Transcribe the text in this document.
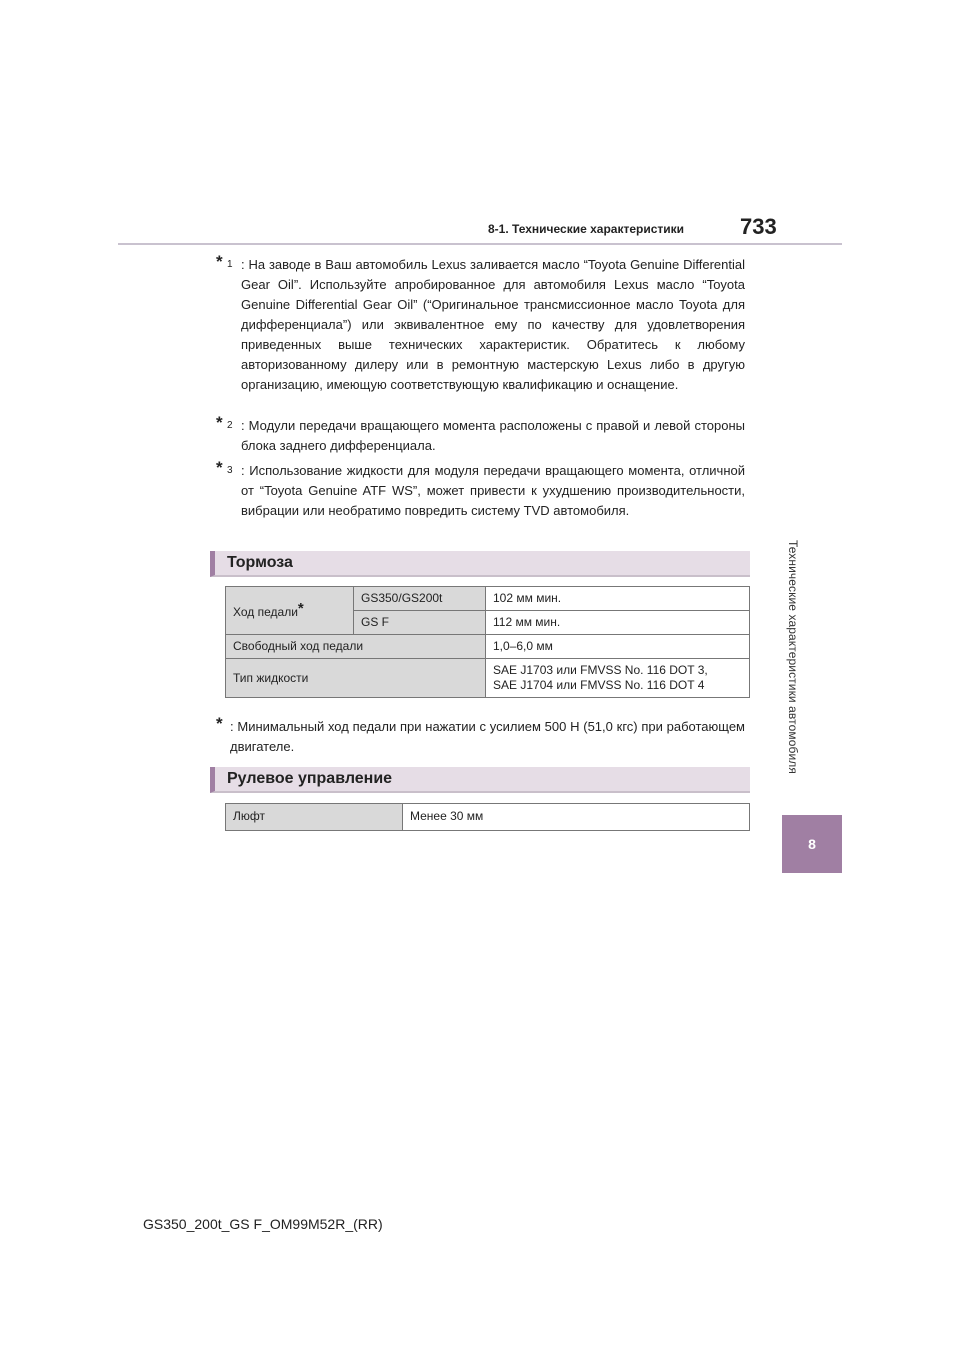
8-1. Технические характеристики	733
Технические характеристики автомобиля
8
* 1 : На заводе в Ваш автомобиль Lexus заливается масло “Toyota Genuine Differential Gear Oil”. Используйте апробированное для автомобиля Lexus масло “Toyota Genuine Differential Gear Oil” (“Оригинальное трансмиссионное масло Toyota для дифференциала”) или эквивалентное ему по качеству для удовлетворения приведенных выше технических характеристик. Обратитесь к любому авторизованному дилеру или в ремонтную мастерскую Lexus либо в другую организацию, имеющую соответствующую квалификацию и оснащение.
* 2 : Модули передачи вращающего момента расположены с правой и левой стороны блока заднего дифференциала.
* 3 : Использование жидкости для модуля передачи вращающего момента, отличной от “Toyota Genuine ATF WS”, может привести к ухудшению производительности, вибрации или необратимо повредить систему TVD автомобиля.
Тормоза
Ход педали*	GS350/GS200t	102 мм мин.
	GS F	112 мм мин.
Свободный ход педали		1,0–6,0 мм
Тип жидкости		SAE J1703 или FMVSS No. 116 DOT 3,
SAE J1704 или FMVSS No. 116 DOT 4
* : Минимальный ход педали при нажатии с усилием 500 Н (51,0 кгс) при работающем двигателе.
Рулевое управление
Люфт	Менее 30 мм
GS350_200t_GS F_OM99M52R_(RR)
